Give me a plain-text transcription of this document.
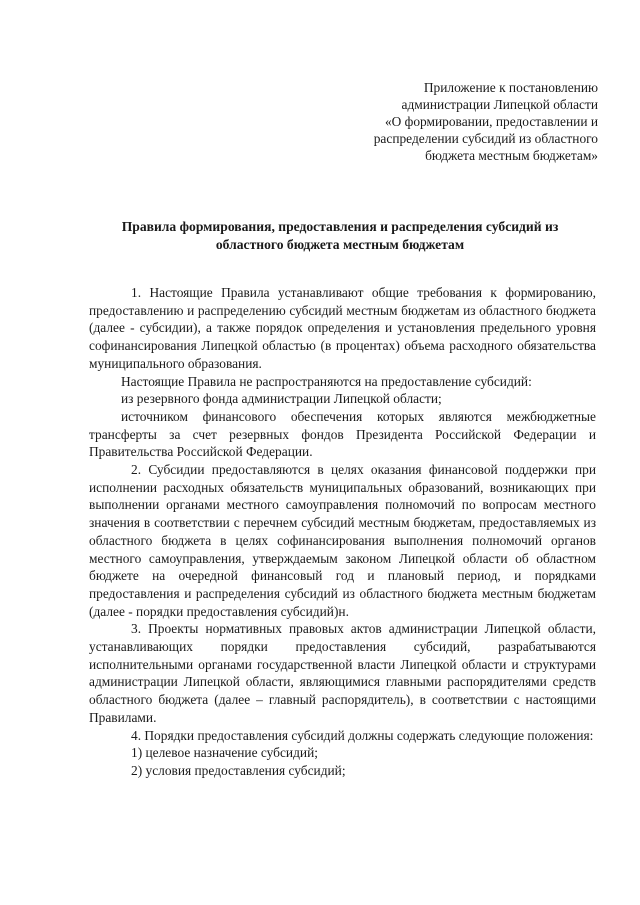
Приложение к постановлению
администрации Липецкой области
«О формировании, предоставлении и
распределении субсидий из областного
бюджета местным бюджетам»
Правила формирования, предоставления и распределения субсидий из
областного бюджета местным бюджетам

1. Настоящие Правила устанавливают общие требования к формированию, предоставлению и распределению субсидий местным бюджетам из областного бюджета (далее - субсидии), а также порядок определения и установления предельного уровня софинансирования Липецкой областью (в процентах) объема расходного обязательства муниципального образования.

Настоящие Правила не распространяются на предоставление субсидий:

из резервного фонда администрации Липецкой области;

источником финансового обеспечения которых являются межбюджетные трансферты за счет резервных фондов Президента Российской Федерации и Правительства Российской Федерации.

2. Субсидии предоставляются в целях оказания финансовой поддержки при исполнении расходных обязательств муниципальных образований, возникающих при выполнении органами местного самоуправления полномочий по вопросам местного значения в соответствии с перечнем субсидий местным бюджетам, предоставляемых из областного бюджета в целях софинансирования выполнения полномочий органов местного самоуправления, утверждаемым законом Липецкой области об областном бюджете на очередной финансовый год и плановый период, и порядками предоставления и распределения субсидий из областного бюджета местным бюджетам (далее - порядки предоставления субсидий)н.

3. Проекты нормативных правовых актов администрации Липецкой области, устанавливающих порядки предоставления субсидий, разрабатываются исполнительными органами государственной власти Липецкой области и структурами администрации Липецкой области, являющимися главными распорядителями средств областного бюджета (далее – главный распорядитель), в соответствии с настоящими Правилами.

4. Порядки предоставления субсидий должны содержать следующие положения:

1) целевое назначение субсидий;

2) условия предоставления субсидий;
